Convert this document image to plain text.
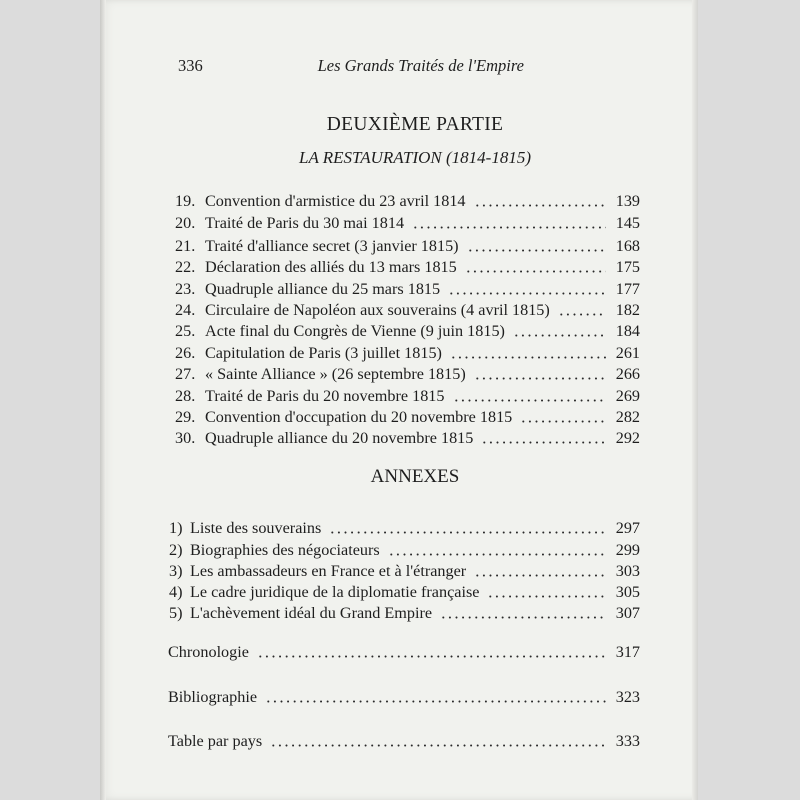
336	Les Grands Traités de l'Empire
DEUXIÈME PARTIE
LA RESTAURATION (1814-1815)
19. Convention d'armistice du 23 avril 1814	139
20. Traité de Paris du 30 mai 1814	145
21. Traité d'alliance secret (3 janvier 1815)	168
22. Déclaration des alliés du 13 mars 1815	175
23. Quadruple alliance du 25 mars 1815	177
24. Circulaire de Napoléon aux souverains (4 avril 1815)	182
25. Acte final du Congrès de Vienne (9 juin 1815)	184
26. Capitulation de Paris (3 juillet 1815)	261
27. « Sainte Alliance » (26 septembre 1815)	266
28. Traité de Paris du 20 novembre 1815	269
29. Convention d'occupation du 20 novembre 1815	282
30. Quadruple alliance du 20 novembre 1815	292
ANNEXES
1) Liste des souverains	297
2) Biographies des négociateurs	299
3) Les ambassadeurs en France et à l'étranger	303
4) Le cadre juridique de la diplomatie française	305
5) L'achèvement idéal du Grand Empire	307
Chronologie	317
Bibliographie	323
Table par pays	333
